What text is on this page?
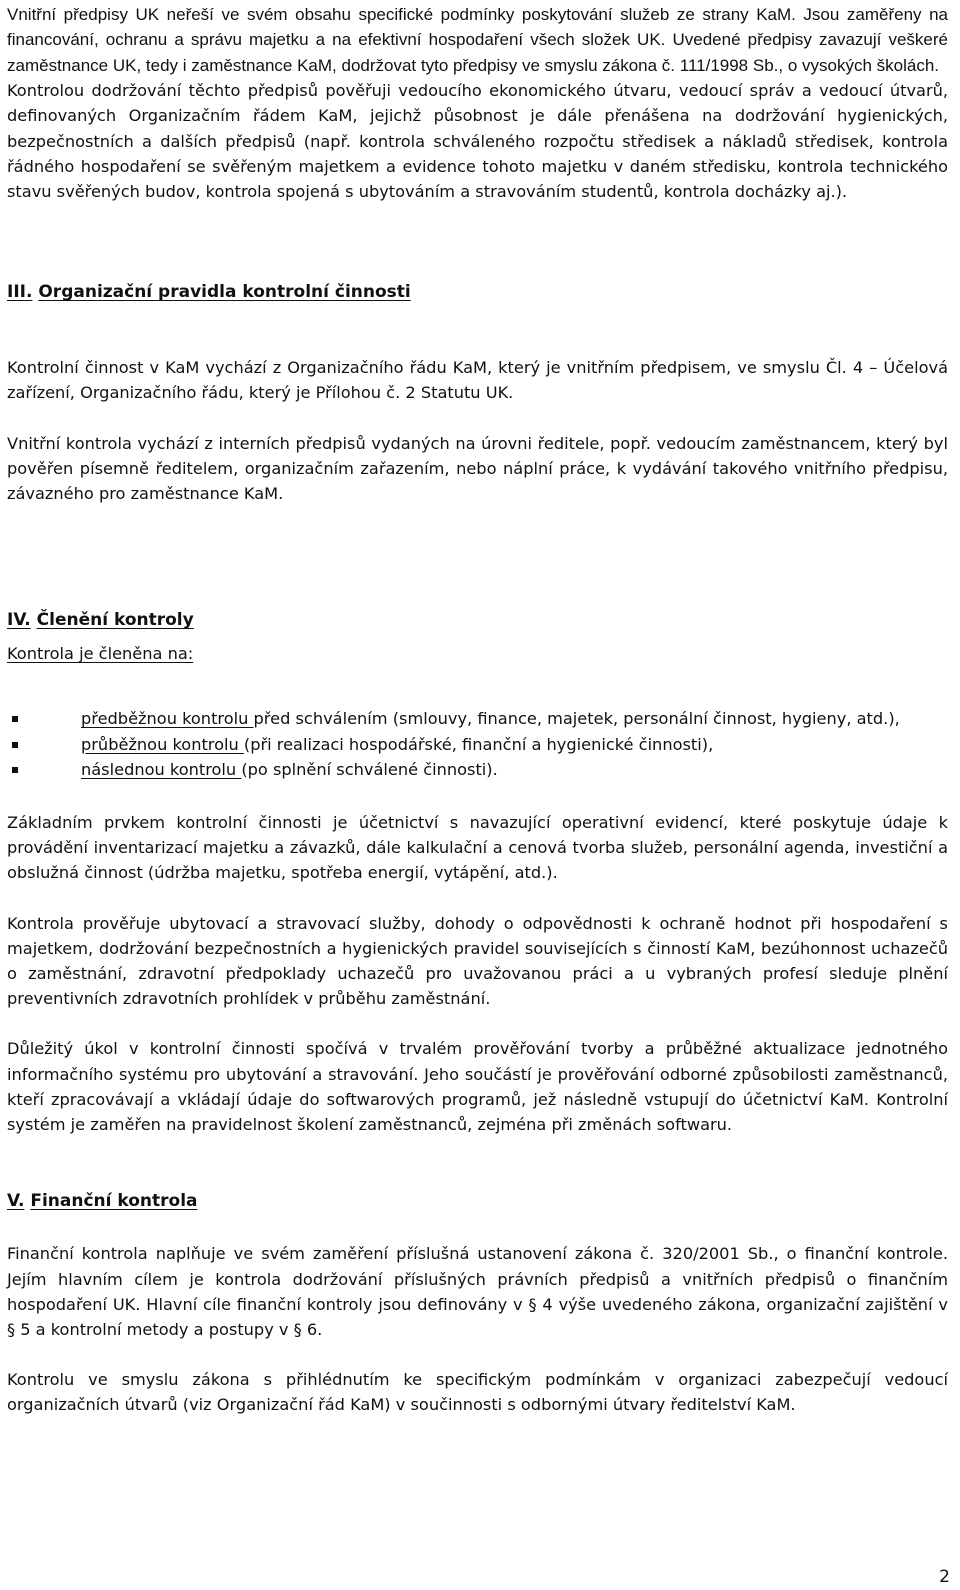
Vnitřní předpisy UK neřeší ve svém obsahu specifické podmínky poskytování služeb ze strany KaM. Jsou zaměřeny na financování, ochranu a správu majetku a na efektivní hospodaření všech složek UK. Uvedené předpisy zavazují veškeré zaměstnance UK, tedy i zaměstnance KaM, dodržovat tyto předpisy ve smyslu zákona č. 111/1998 Sb., o vysokých školách.

Kontrolou dodržování těchto předpisů pověřuji vedoucího ekonomického útvaru, vedoucí správ a vedoucí útvarů, definovaných Organizačním řádem KaM, jejichž působnost je dále přenášena na dodržování hygienických, bezpečnostních a dalších předpisů (např. kontrola schváleného rozpočtu středisek a nákladů středisek, kontrola řádného hospodaření se svěřeným majetkem a evidence tohoto majetku v daném středisku, kontrola technického stavu svěřených budov, kontrola spojená s ubytováním a stravováním studentů, kontrola docházky aj.).

III. Organizační pravidla kontrolní činnosti

Kontrolní činnost v KaM vychází z Organizačního řádu KaM, který je vnitřním předpisem, ve smyslu Čl. 4 – Účelová zařízení, Organizačního řádu, který je Přílohou č. 2 Statutu UK.

Vnitřní kontrola vychází z interních předpisů vydaných na úrovni ředitele, popř. vedoucím zaměstnancem, který byl pověřen písemně ředitelem, organizačním zařazením, nebo náplní práce, k vydávání takového vnitřního předpisu, závazného pro zaměstnance KaM.

IV. Členění kontroly

Kontrola je členěna na:

předběžnou kontrolu před schválením (smlouvy, finance, majetek, personální činnost, hygieny, atd.),
průběžnou kontrolu (při realizaci hospodářské, finanční a hygienické činnosti),
následnou kontrolu (po splnění schválené činnosti).

Základním prvkem kontrolní činnosti je účetnictví s navazující operativní evidencí, které poskytuje údaje k provádění inventarizací majetku a závazků, dále kalkulační a cenová tvorba služeb, personální agenda, investiční a obslužná činnost (údržba majetku, spotřeba energií, vytápění, atd.).

Kontrola prověřuje ubytovací a stravovací služby, dohody o odpovědnosti k ochraně hodnot při hospodaření s majetkem, dodržování bezpečnostních a hygienických pravidel souvisejících s činností KaM, bezúhonnost uchazečů o zaměstnání, zdravotní předpoklady uchazečů pro uvažovanou práci a u vybraných profesí sleduje plnění preventivních zdravotních prohlídek v průběhu zaměstnání.

Důležitý úkol v kontrolní činnosti spočívá v trvalém prověřování tvorby a průběžné aktualizace jednotného informačního systému pro ubytování a stravování. Jeho součástí je prověřování odborné způsobilosti zaměstnanců, kteří zpracovávají a vkládají údaje do softwarových programů, jež následně vstupují do účetnictví KaM. Kontrolní systém je zaměřen na pravidelnost školení zaměstnanců, zejména při změnách softwaru.

V. Finanční kontrola

Finanční kontrola naplňuje ve svém zaměření příslušná ustanovení zákona č. 320/2001 Sb., o finanční kontrole. Jejím hlavním cílem je kontrola dodržování příslušných právních předpisů a vnitřních předpisů o finančním hospodaření UK. Hlavní cíle finanční kontroly jsou definovány v § 4 výše uvedeného zákona, organizační zajištění v § 5 a kontrolní metody a postupy v § 6.

Kontrolu ve smyslu zákona s přihlédnutím ke specifickým podmínkám v organizaci zabezpečují vedoucí organizačních útvarů (viz Organizační řád KaM) v součinnosti s odbornými útvary ředitelství KaM.

2
